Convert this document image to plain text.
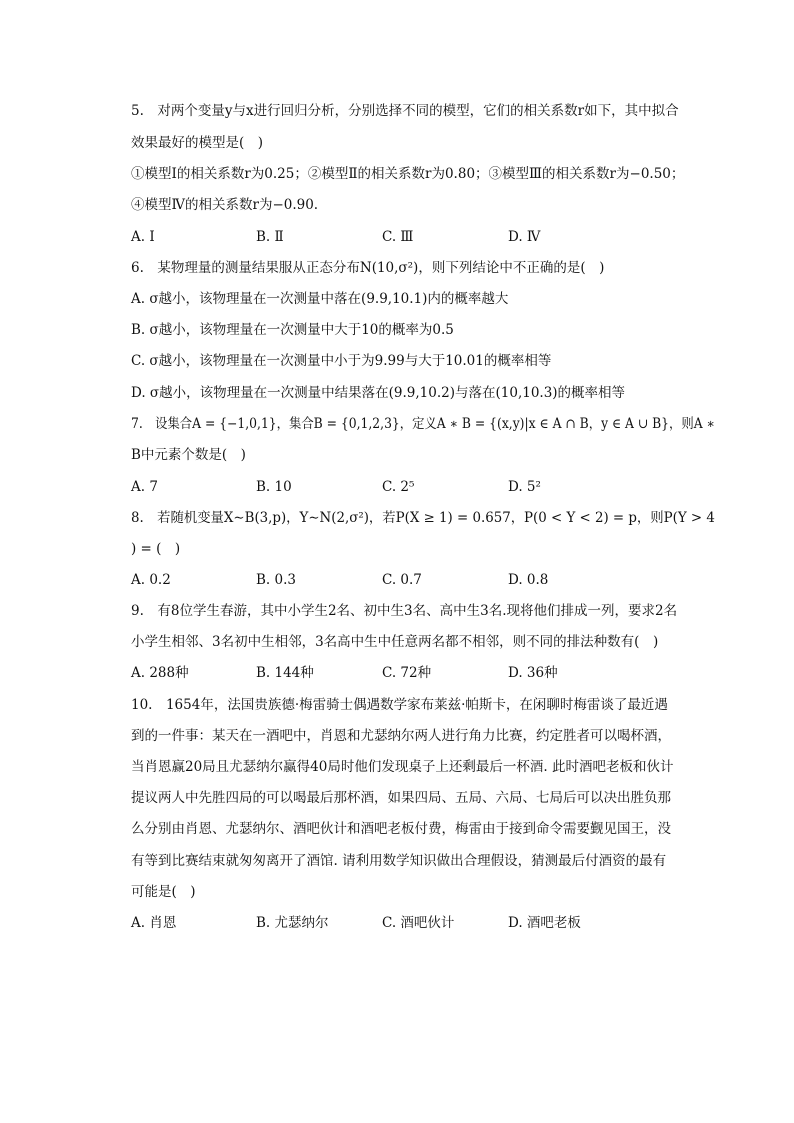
5.　对两个变量y与x进行回归分析，分别选择不同的模型，它们的相关系数r如下，其中拟合
效果最好的模型是(　)
①模型Ⅰ的相关系数r为0.25；②模型Ⅱ的相关系数r为0.80；③模型Ⅲ的相关系数r为−0.50；
④模型Ⅳ的相关系数r为−0.90.
A. Ⅰ	B. Ⅱ	C. Ⅲ	D. Ⅳ
6.　某物理量的测量结果服从正态分布N(10,σ²)，则下列结论中不正确的是(　)
A. σ越小，该物理量在一次测量中落在(9.9,10.1)内的概率越大
B. σ越小，该物理量在一次测量中大于10的概率为0.5
C. σ越小，该物理量在一次测量中小于为9.99与大于10.01的概率相等
D. σ越小，该物理量在一次测量中结果落在(9.9,10.2)与落在(10,10.3)的概率相等
7.　设集合A = {−1,0,1}，集合B = {0,1,2,3}，定义A ∗ B = {(x,y)|x ∈ A ∩ B，y ∈ A ∪ B}，则A ∗
B中元素个数是(　)
A. 7	B. 10	C. 2⁵	D. 5²
8.　若随机变量X∼B(3,p)，Y∼N(2,σ²)，若P(X ≥ 1) = 0.657，P(0 < Y < 2) = p，则P(Y > 4
) = (　)
A. 0.2	B. 0.3	C. 0.7	D. 0.8
9.　有8位学生春游，其中小学生2名、初中生3名、高中生3名.现将他们排成一列，要求2名
小学生相邻、3名初中生相邻，3名高中生中任意两名都不相邻，则不同的排法种数有(　)
A. 288种	B. 144种	C. 72种	D. 36种
10.　1654年，法国贵族德·梅雷骑士偶遇数学家布莱兹·帕斯卡，在闲聊时梅雷谈了最近遇
到的一件事：某天在一酒吧中，肖恩和尤瑟纳尔两人进行角力比赛，约定胜者可以喝杯酒，
当肖恩赢20局且尤瑟纳尔赢得40局时他们发现桌子上还剩最后一杯酒. 此时酒吧老板和伙计
提议两人中先胜四局的可以喝最后那杯酒，如果四局、五局、六局、七局后可以决出胜负那
么分别由肖恩、尤瑟纳尔、酒吧伙计和酒吧老板付费，梅雷由于接到命令需要觐见国王，没
有等到比赛结束就匆匆离开了酒馆. 请利用数学知识做出合理假设，猜测最后付酒资的最有
可能是(　)
A. 肖恩	B. 尤瑟纳尔	C. 酒吧伙计	D. 酒吧老板
